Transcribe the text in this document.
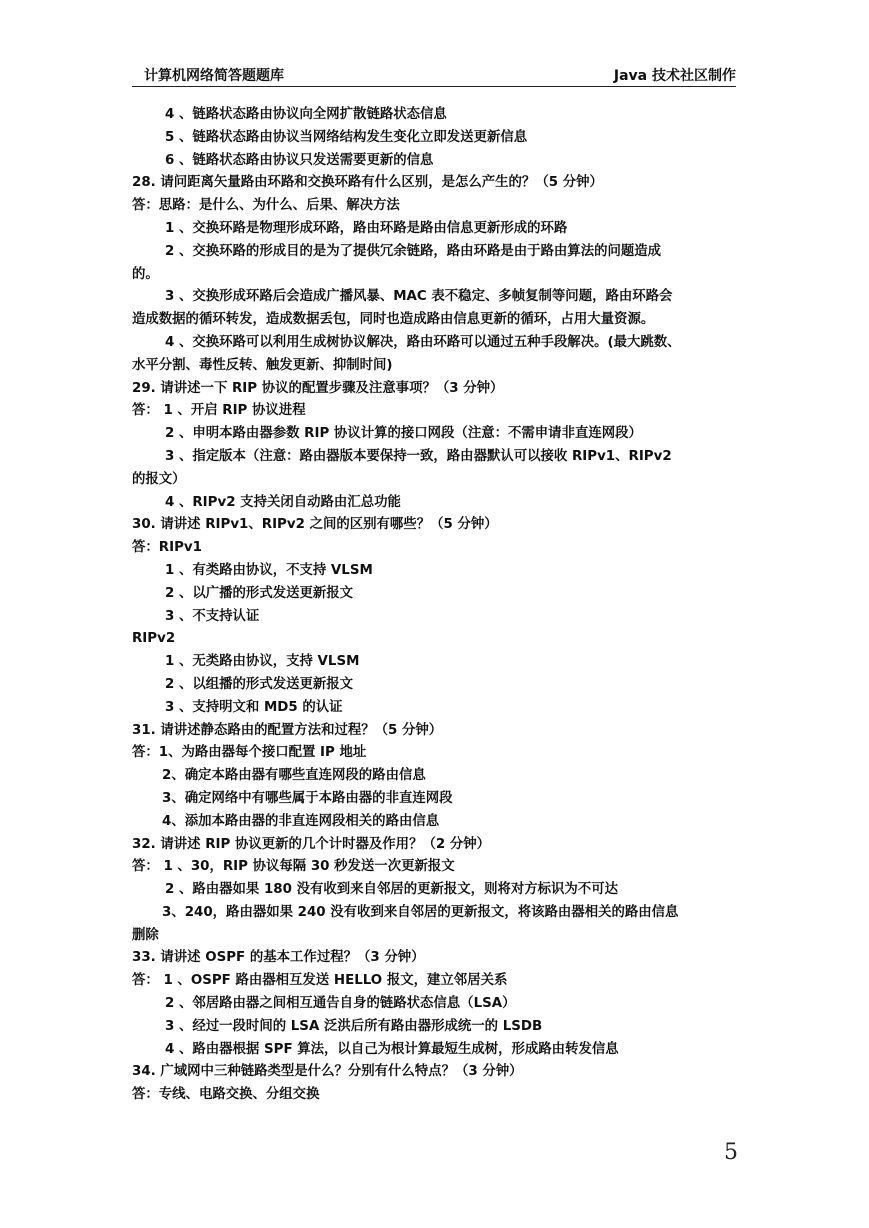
计算机网络简答题题库	Java 技术社区制作

4 、链路状态路由协议向全网扩散链路状态信息

5 、链路状态路由协议当网络结构发生变化立即发送更新信息

6 、链路状态路由协议只发送需要更新的信息

28. 请问距离矢量路由环路和交换环路有什么区别，是怎么产生的？（5 分钟）

答：思路：是什么、为什么、后果、解决方法

1 、交换环路是物理形成环路，路由环路是路由信息更新形成的环路

2 、交换环路的形成目的是为了提供冗余链路，路由环路是由于路由算法的问题造成

的。

3 、交换形成环路后会造成广播风暴、MAC 表不稳定、多帧复制等问题，路由环路会

造成数据的循环转发，造成数据丢包，同时也造成路由信息更新的循环，占用大量资源。

4 、交换环路可以利用生成树协议解决，路由环路可以通过五种手段解决。(最大跳数、

水平分割、毒性反转、触发更新、抑制时间)

29. 请讲述一下 RIP 协议的配置步骤及注意事项？（3 分钟）

答： 1 、开启 RIP 协议进程

2 、申明本路由器参数 RIP 协议计算的接口网段（注意：不需申请非直连网段）

3 、指定版本（注意：路由器版本要保持一致，路由器默认可以接收 RIPv1、RIPv2

的报文）

4 、RIPv2 支持关闭自动路由汇总功能

30. 请讲述 RIPv1、RIPv2 之间的区别有哪些？（5 分钟）

答：RIPv1

1 、有类路由协议，不支持 VLSM

2 、以广播的形式发送更新报文

3 、不支持认证

RIPv2

1 、无类路由协议，支持 VLSM

2 、以组播的形式发送更新报文

3 、支持明文和 MD5 的认证

31. 请讲述静态路由的配置方法和过程？（5 分钟）

答：1、为路由器每个接口配置 IP 地址

2、确定本路由器有哪些直连网段的路由信息

3、确定网络中有哪些属于本路由器的非直连网段

4、添加本路由器的非直连网段相关的路由信息

32. 请讲述 RIP 协议更新的几个计时器及作用？（2 分钟）

答： 1 、30，RIP 协议每隔 30 秒发送一次更新报文

2 、路由器如果 180 没有收到来自邻居的更新报文，则将对方标识为不可达

3、240，路由器如果 240 没有收到来自邻居的更新报文，将该路由器相关的路由信息

删除

33. 请讲述 OSPF 的基本工作过程？（3 分钟）

答： 1 、OSPF 路由器相互发送 HELLO 报文，建立邻居关系

2 、邻居路由器之间相互通告自身的链路状态信息（LSA）

3 、经过一段时间的 LSA 泛洪后所有路由器形成统一的 LSDB

4 、路由器根据 SPF 算法，以自己为根计算最短生成树，形成路由转发信息

34. 广域网中三种链路类型是什么？分别有什么特点？（3 分钟）

答：专线、电路交换、分组交换

5
